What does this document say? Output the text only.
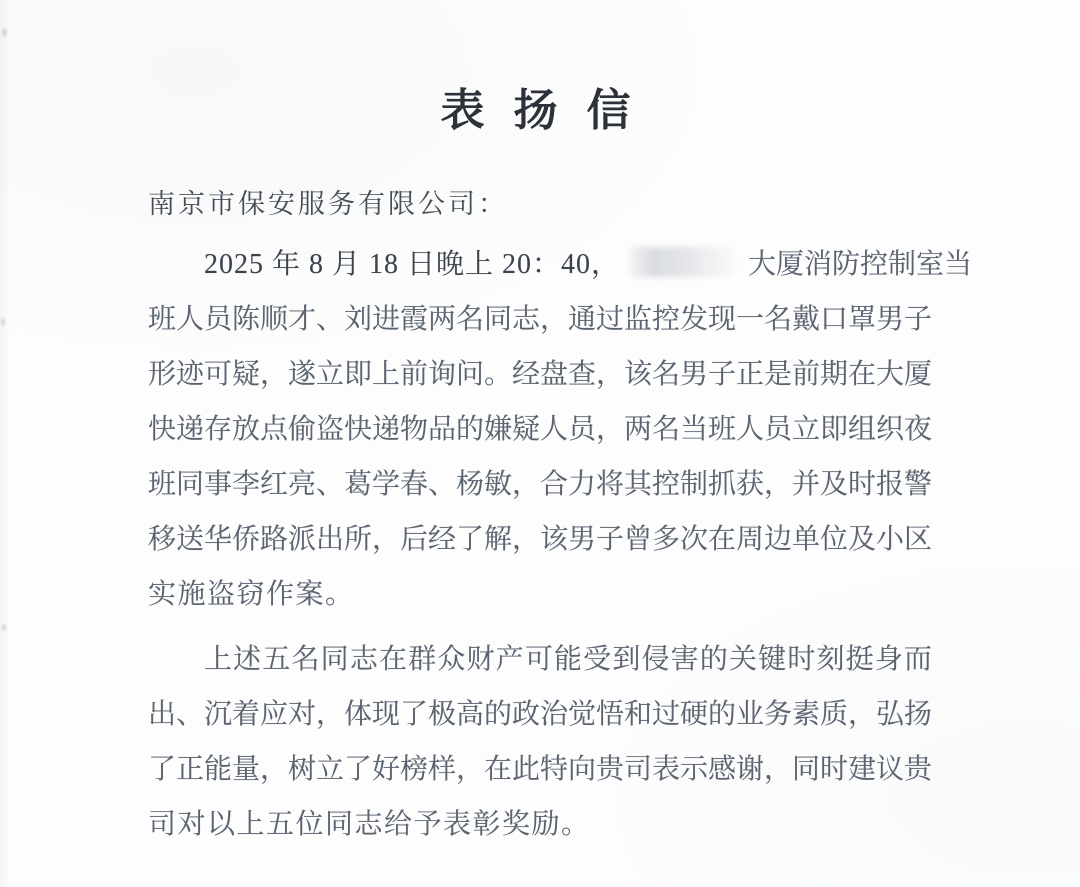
表 扬 信
南京市保安服务有限公司：
2025 年 8 月 18 日晚上 20：40，	大厦消防控制室当
班人员陈顺才、刘进霞两名同志，通过监控发现一名戴口罩男子
形迹可疑，遂立即上前询问。经盘查，该名男子正是前期在大厦
快递存放点偷盗快递物品的嫌疑人员，两名当班人员立即组织夜
班同事李红亮、葛学春、杨敏，合力将其控制抓获，并及时报警
移送华侨路派出所，后经了解，该男子曾多次在周边单位及小区
实施盗窃作案。
上述五名同志在群众财产可能受到侵害的关键时刻挺身而
出、沉着应对，体现了极高的政治觉悟和过硬的业务素质，弘扬
了正能量，树立了好榜样，在此特向贵司表示感谢，同时建议贵
司对以上五位同志给予表彰奖励。
